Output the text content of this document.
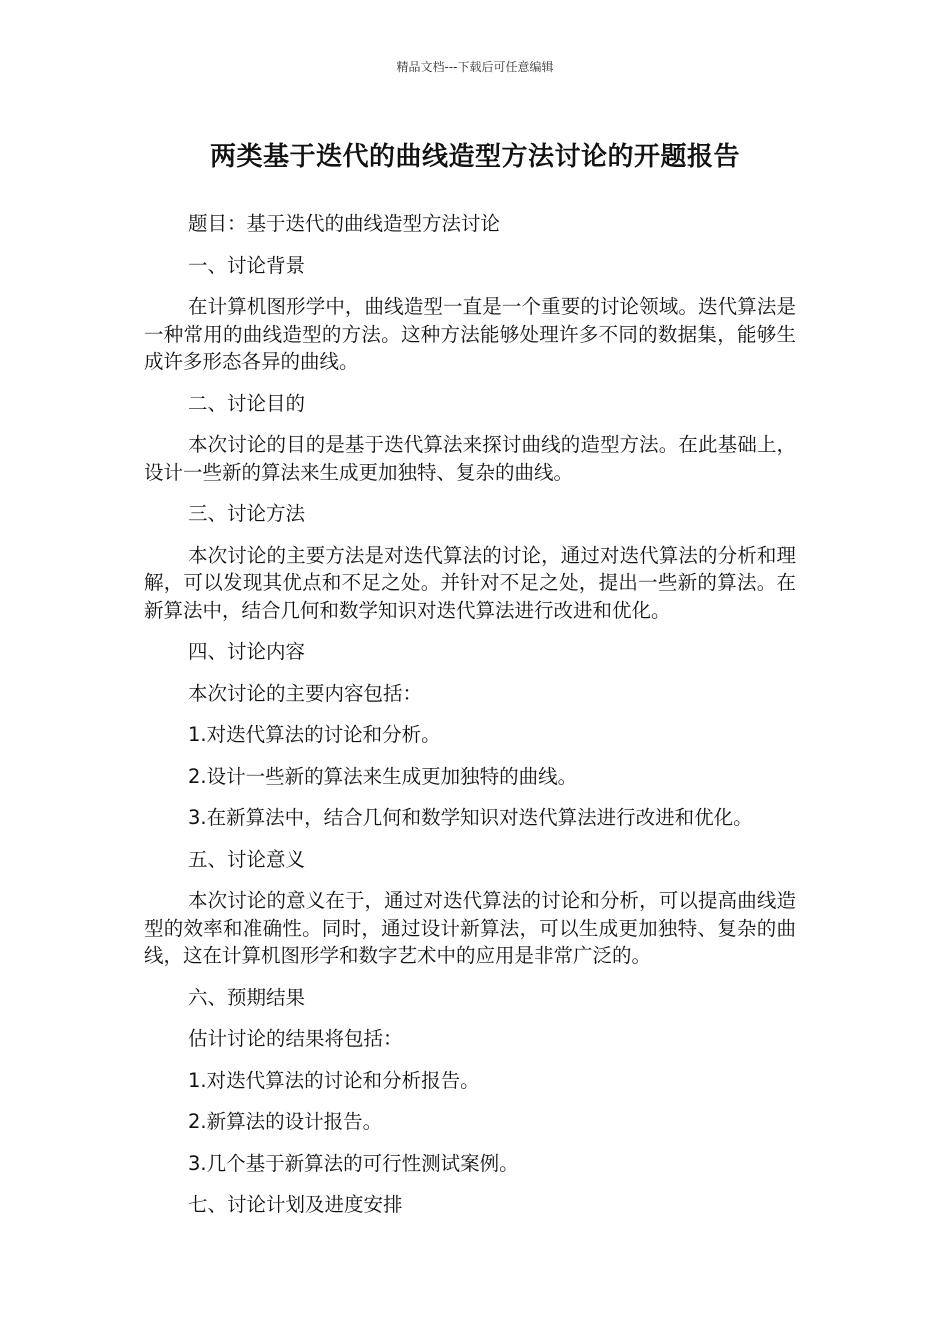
精品文档---下载后可任意编辑
两类基于迭代的曲线造型方法讨论的开题报告

题目：基于迭代的曲线造型方法讨论

一、讨论背景

在计算机图形学中，曲线造型一直是一个重要的讨论领域。迭代算法是一种常用的曲线造型的方法。这种方法能够处理许多不同的数据集，能够生成许多形态各异的曲线。

二、讨论目的

本次讨论的目的是基于迭代算法来探讨曲线的造型方法。在此基础上，设计一些新的算法来生成更加独特、复杂的曲线。

三、讨论方法

本次讨论的主要方法是对迭代算法的讨论，通过对迭代算法的分析和理解，可以发现其优点和不足之处。并针对不足之处，提出一些新的算法。在新算法中，结合几何和数学知识对迭代算法进行改进和优化。

四、讨论内容

本次讨论的主要内容包括：

1.对迭代算法的讨论和分析。

2.设计一些新的算法来生成更加独特的曲线。

3.在新算法中，结合几何和数学知识对迭代算法进行改进和优化。

五、讨论意义

本次讨论的意义在于，通过对迭代算法的讨论和分析，可以提高曲线造型的效率和准确性。同时，通过设计新算法，可以生成更加独特、复杂的曲线，这在计算机图形学和数字艺术中的应用是非常广泛的。

六、预期结果

估计讨论的结果将包括：

1.对迭代算法的讨论和分析报告。

2.新算法的设计报告。

3.几个基于新算法的可行性测试案例。

七、讨论计划及进度安排
